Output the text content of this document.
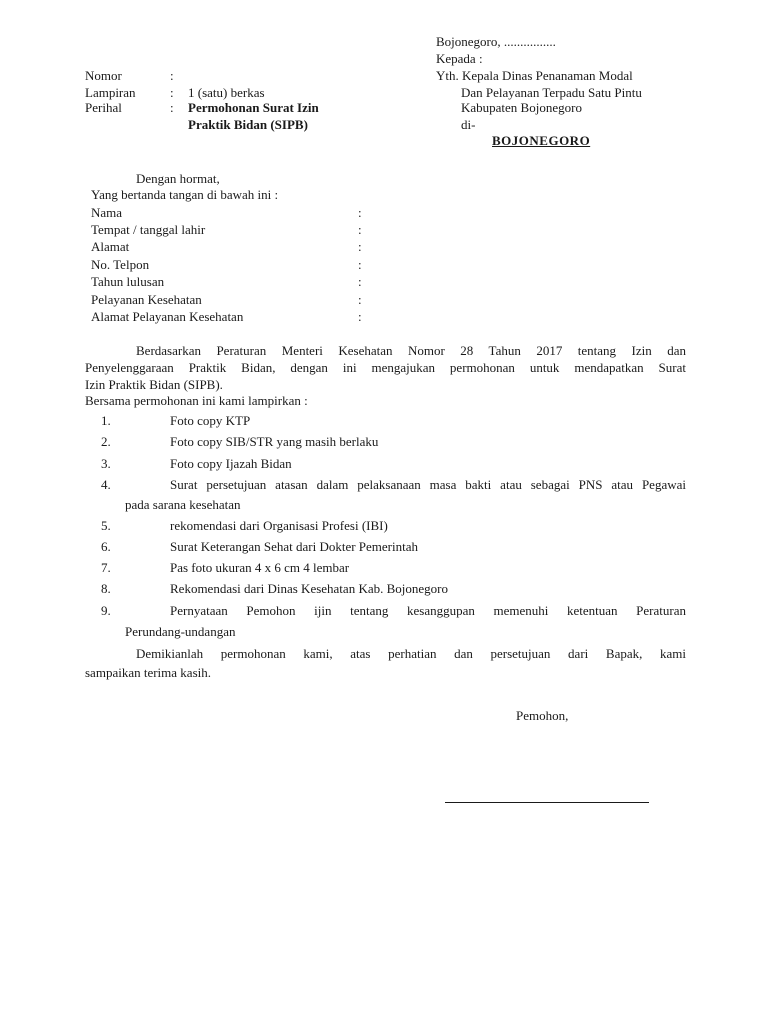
Bojonegoro, ................
Kepada :
Yth. Kepala Dinas Penanaman Modal
Dan Pelayanan Terpadu Satu Pintu
Kabupaten Bojonegoro
di-
BOJONEGORO
Nomor	:
Lampiran	: 1 (satu) berkas
Perihal	: Permohonan Surat Izin
Praktik Bidan (SIPB)
Dengan hormat,
Yang bertanda tangan di bawah ini :
Nama	:
Tempat / tanggal lahir	:
Alamat	:
No. Telpon	:
Tahun lulusan	:
Pelayanan Kesehatan	:
Alamat Pelayanan Kesehatan	:
Berdasarkan Peraturan Menteri Kesehatan Nomor 28 Tahun 2017 tentang Izin dan
Penyelenggaraan Praktik Bidan, dengan ini mengajukan permohonan untuk mendapatkan Surat
Izin Praktik Bidan (SIPB).
Bersama permohonan ini kami lampirkan :
1.	Foto copy KTP
2.	Foto copy SIB/STR yang masih berlaku
3.	Foto copy Ijazah Bidan
4.	Surat persetujuan atasan dalam pelaksanaan masa bakti atau sebagai PNS atau Pegawai
pada sarana kesehatan
5.	rekomendasi dari Organisasi Profesi (IBI)
6.	Surat Keterangan Sehat dari Dokter Pemerintah
7.	Pas foto ukuran 4 x 6 cm 4 lembar
8.	Rekomendasi dari Dinas Kesehatan Kab. Bojonegoro
9.	Pernyataan Pemohon ijin tentang kesanggupan memenuhi ketentuan Peraturan
Perundang-undangan
Demikianlah permohonan kami, atas perhatian dan persetujuan dari Bapak, kami
sampaikan terima kasih.
Pemohon,
